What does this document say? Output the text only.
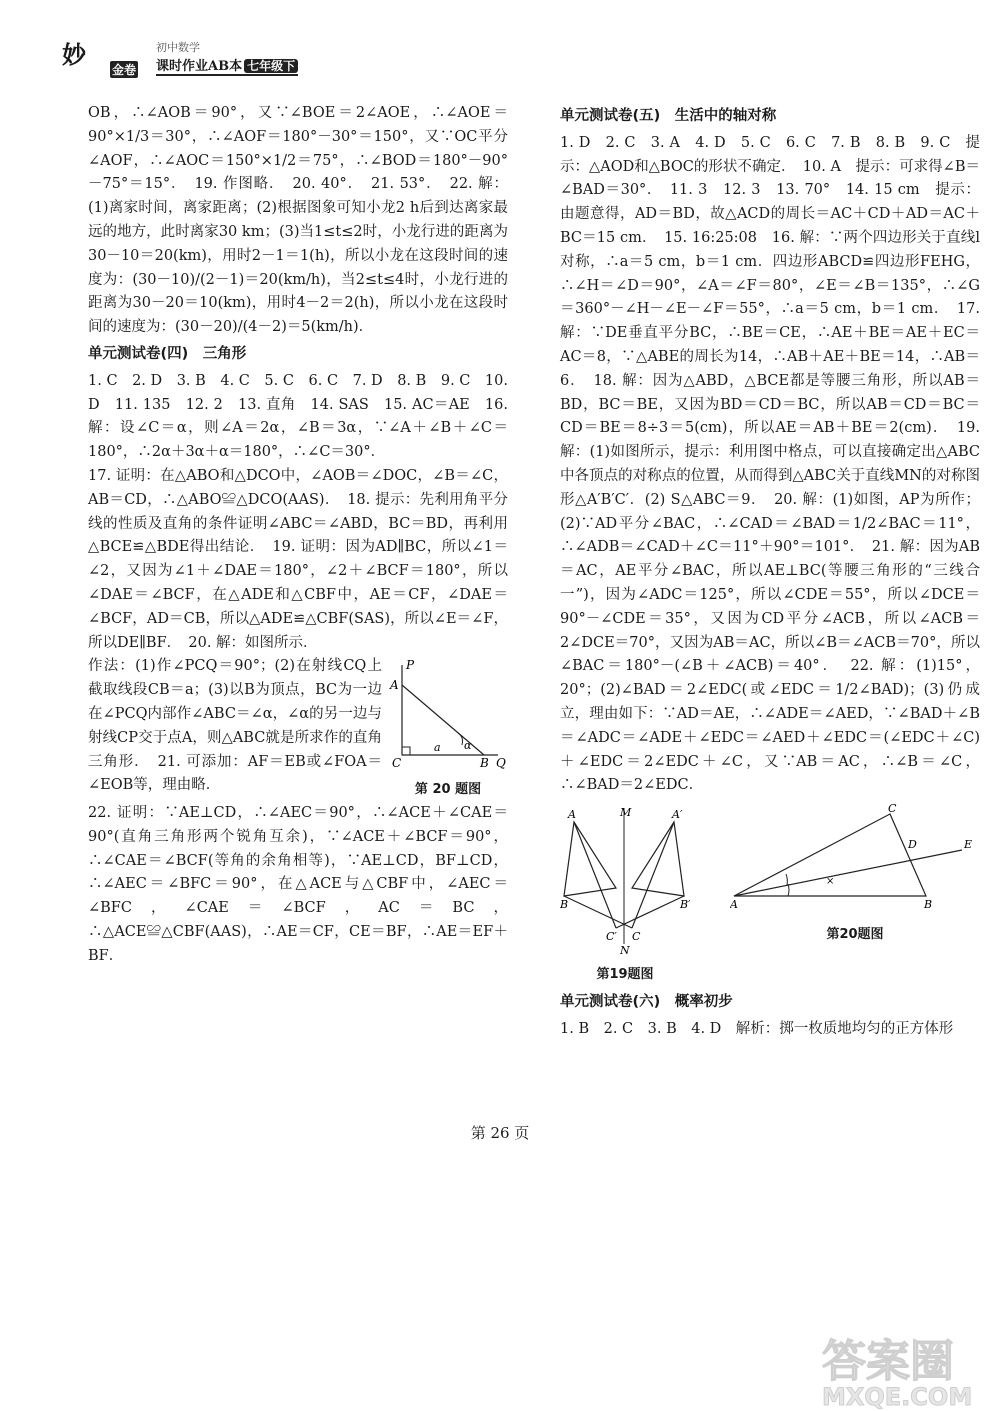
妙
金卷
初中数学
课时作业AB本 七年级下

OB，∴∠AOB＝90°，又∵∠BOE＝2∠AOE，∴∠AOE＝90°×1/3＝30°，∴∠AOF＝180°－30°＝150°，又∵OC平分∠AOF，∴∠AOC＝150°×1/2＝75°，∴∠BOD＝180°－90°－75°＝15°．　19. 作图略．　20. 40°．　21. 53°．　22. 解：(1)离家时间，离家距离；(2)根据图象可知小龙2 h后到达离家最远的地方，此时离家30 km；(3)当1≤t≤2时，小龙行进的距离为30－10＝20(km)，用时2－1＝1(h)，所以小龙在这段时间的速度为：(30－10)/(2－1)＝20(km/h)，当2≤t≤4时，小龙行进的距离为30－20＝10(km)，用时4－2＝2(h)，所以小龙在这段时间的速度为：(30－20)/(4－2)＝5(km/h)．

单元测试卷(四)　三角形

1. C　2. D　3. B　4. C　5. C　6. C　7. D　8. B　9. C　10. D　11. 135　12. 2　13. 直角　14. SAS　15. AC＝AE　16. 解：设∠C＝α，则∠A＝2α，∠B＝3α，∵∠A＋∠B＋∠C＝180°，∴2α＋3α＋α＝180°，∴∠C＝30°．

17. 证明：在△ABO和△DCO中，∠AOB＝∠DOC，∠B＝∠C，AB＝CD，∴△ABO≌△DCO(AAS)．　18. 提示：先利用角平分线的性质及直角的条件证明∠ABC＝∠ABD，BC＝BD，再利用△BCE≌△BDE得出结论．　19. 证明：因为AD∥BC，所以∠1＝∠2，又因为∠1＋∠DAE＝180°，∠2＋∠BCF＝180°，所以∠DAE＝∠BCF，在△ADE和△CBF中，AE＝CF，∠DAE＝∠BCF，AD＝CB，所以△ADE≌△CBF(SAS)，所以∠E＝∠F，所以DE∥BF．　20. 解：如图所示．

作法：(1)作∠PCQ＝90°；(2)在射线CQ上截取线段CB＝a；(3)以B为顶点，BC为一边在∠PCQ内部作∠ABC＝∠α，∠α的另一边与射线CP交于点A，则△ABC就是所求作的直角三角形．　21. 可添加：AF＝EB或∠FOA＝∠EOB等，理由略．

P
A
C	B Q
a α
第 20 题图

22. 证明：∵AE⊥CD，∴∠AEC＝90°，∴∠ACE＋∠CAE＝90°(直角三角形两个锐角互余)，∵∠ACE＋∠BCF＝90°，∴∠CAE＝∠BCF(等角的余角相等)，∵AE⊥CD，BF⊥CD，∴∠AEC＝∠BFC＝90°，在△ACE与△CBF中，∠AEC＝∠BFC，∠CAE＝∠BCF，AC＝BC，∴△ACE≌△CBF(AAS)，∴AE＝CF，CE＝BF，∴AE＝EF＋BF．

单元测试卷(五)　生活中的轴对称

1. D　2. C　3. A　4. D　5. C　6. C　7. B　8. B　9. C　提示：△AOD和△BOC的形状不确定．　10. A　提示：可求得∠B＝∠BAD＝30°．　11. 3　12. 3　13. 70°　14. 15 cm　提示：由题意得，AD＝BD，故△ACD的周长＝AC＋CD＋AD＝AC＋BC＝15 cm．　15. 16:25:08　16. 解：∵两个四边形关于直线l对称，∴a＝5 cm，b＝1 cm．四边形ABCD≌四边形FEHG，∴∠H＝∠D＝90°，∠A＝∠F＝80°，∠E＝∠B＝135°，∴∠G＝360°－∠H－∠E－∠F＝55°，∴a＝5 cm，b＝1 cm．　17. 解：∵DE垂直平分BC，∴BE＝CE，∴AE＋BE＝AE＋EC＝AC＝8，∵△ABE的周长为14，∴AB＋AE＋BE＝14，∴AB＝6．　18. 解：因为△ABD，△BCE都是等腰三角形，所以AB＝BD，BC＝BE，又因为BD＝CD＝BC，所以AB＝CD＝BC＝CD＝BE＝8÷3＝5(cm)，所以AE＝AB＋BE＝2(cm)．　19. 解：(1)如图所示，提示：利用图中格点，可以直接确定出△ABC中各顶点的对称点的位置，从而得到△ABC关于直线MN的对称图形△A′B′C′．(2) S△ABC＝9．　20. 解：(1)如图，AP为所作；(2)∵AD平分∠BAC，∴∠CAD＝∠BAD＝1/2∠BAC＝11°，∴∠ADB＝∠CAD＋∠C＝11°＋90°＝101°．　21. 解：因为AB＝AC，AE平分∠BAC，所以AE⊥BC(等腰三角形的“三线合一”)，因为∠ADC＝125°，所以∠CDE＝55°，所以∠DCE＝90°－∠CDE＝35°，又因为CD平分∠ACB，所以∠ACB＝2∠DCE＝70°，又因为AB＝AC，所以∠B＝∠ACB＝70°，所以∠BAC＝180°－(∠B＋∠ACB)＝40°．　22. 解：(1)15°，20°；(2)∠BAD＝2∠EDC(或∠EDC＝1/2∠BAD)；(3)仍成立，理由如下：∵AD＝AE，∴∠ADE＝∠AED，∵∠BAD＋∠B＝∠ADC＝∠ADE＋∠EDC＝∠AED＋∠EDC＝(∠EDC＋∠C)＋∠EDC＝2∠EDC＋∠C，又∵AB＝AC，∴∠B＝∠C，∴∠BAD＝2∠EDC．

M
N
A	A′
B	B′
C′ C
第19题图
×
C
D	E
A	B
第20题图

单元测试卷(六)　概率初步

1. B　2. C　3. B　4. D　解析：掷一枚质地均匀的正方体形

第 26 页
答案圈
MXQE.COM
